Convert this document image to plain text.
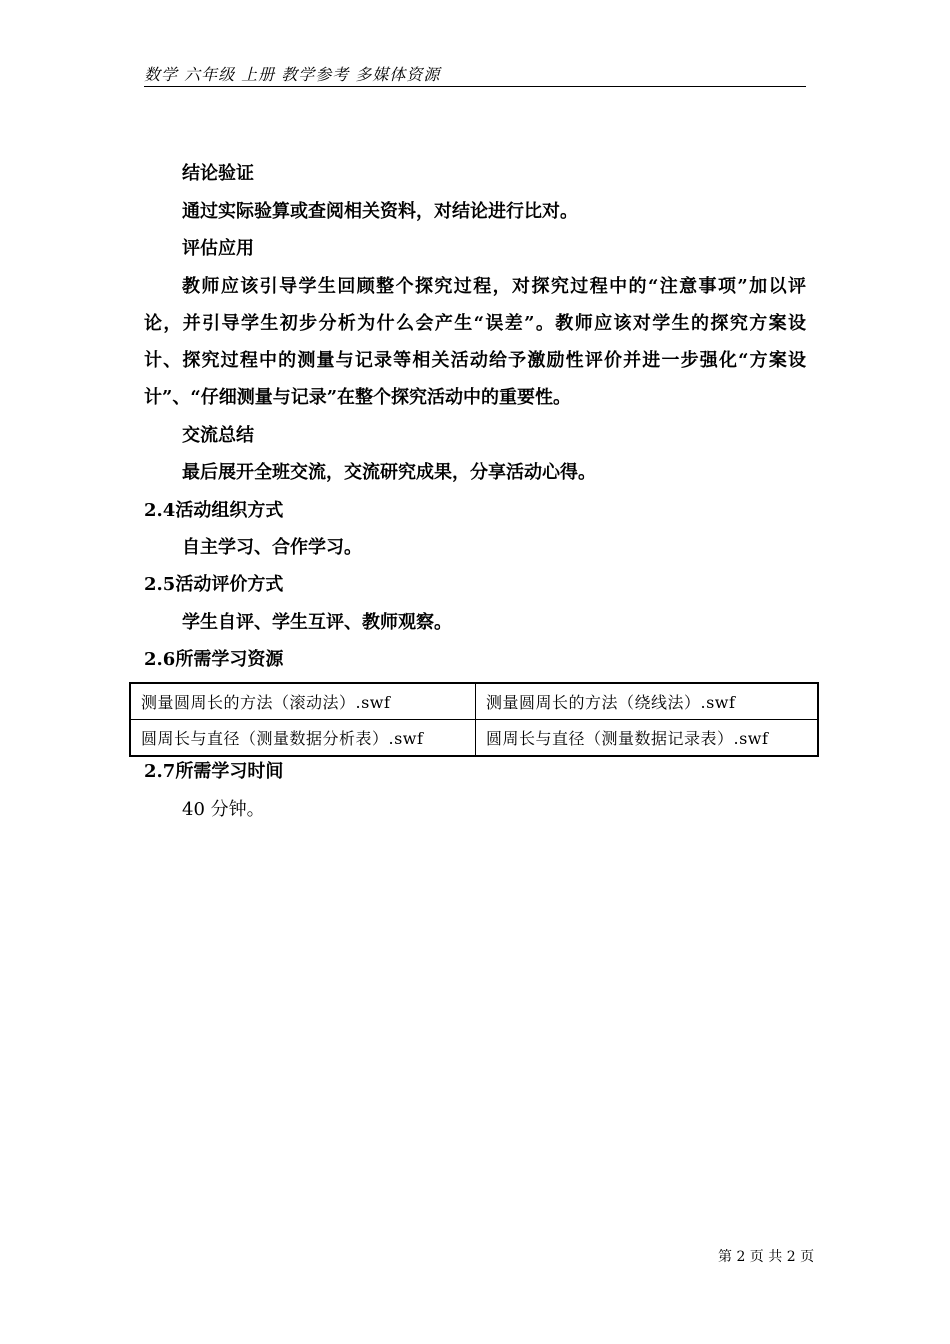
数学 六年级 上册 教学参考 多媒体资源
结论验证
通过实际验算或查阅相关资料，对结论进行比对。
评估应用
教师应该引导学生回顾整个探究过程，对探究过程中的“注意事项”加以评
论，并引导学生初步分析为什么会产生“误差”。教师应该对学生的探究方案设
计、探究过程中的测量与记录等相关活动给予激励性评价并进一步强化“方案设
计”、“仔细测量与记录”在整个探究活动中的重要性。
交流总结
最后展开全班交流，交流研究成果，分享活动心得。
2.4活动组织方式
自主学习、合作学习。
2.5活动评价方式
学生自评、学生互评、教师观察。
2.6所需学习资源
测量圆周长的方法（滚动法）.swf	测量圆周长的方法（绕线法）.swf
圆周长与直径（测量数据分析表）.swf	圆周长与直径（测量数据记录表）.swf
2.7所需学习时间
40 分钟。
第 2 页 共 2 页
